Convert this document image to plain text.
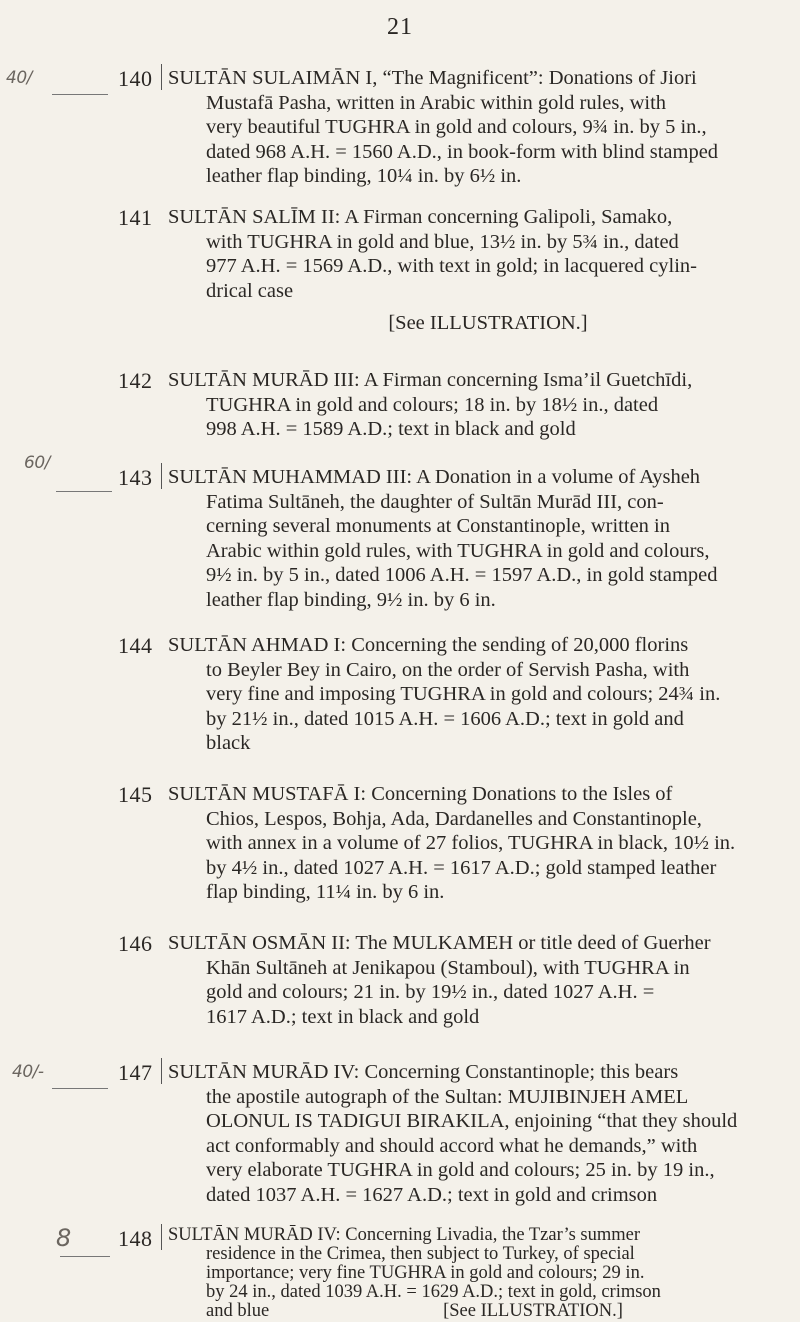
21
40/	140 SULTĀN SULAIMĀN I, “The Magnificent”: Donations of Jiori
Mustafā Pasha, written in Arabic within gold rules, with
very beautiful TUGHRA in gold and colours, 9¾ in. by 5 in.,
dated 968 A.H. = 1560 A.D., in book-form with blind stamped
leather flap binding, 10¼ in. by 6½ in.
141 SULTĀN SALĪM II: A Firman concerning Galipoli, Samako,
with TUGHRA in gold and blue, 13½ in. by 5¾ in., dated
977 A.H. = 1569 A.D., with text in gold; in lacquered cylin-
drical case
[See ILLUSTRATION.]
142 SULTĀN MURĀD III: A Firman concerning Isma’il Guetchīdi,
TUGHRA in gold and colours; 18 in. by 18½ in., dated
998 A.H. = 1589 A.D.; text in black and gold
60/
143 SULTĀN MUHAMMAD III: A Donation in a volume of Aysheh
Fatima Sultāneh, the daughter of Sultān Murād III, con-
cerning several monuments at Constantinople, written in
Arabic within gold rules, with TUGHRA in gold and colours,
9½ in. by 5 in., dated 1006 A.H. = 1597 A.D., in gold stamped
leather flap binding, 9½ in. by 6 in.
144 SULTĀN AHMAD I: Concerning the sending of 20,000 florins
to Beyler Bey in Cairo, on the order of Servish Pasha, with
very fine and imposing TUGHRA in gold and colours; 24¾ in.
by 21½ in., dated 1015 A.H. = 1606 A.D.; text in gold and
black
145 SULTĀN MUSTAFĀ I: Concerning Donations to the Isles of
Chios, Lespos, Bohja, Ada, Dardanelles and Constantinople,
with annex in a volume of 27 folios, TUGHRA in black, 10½ in.
by 4½ in., dated 1027 A.H. = 1617 A.D.; gold stamped leather
flap binding, 11¼ in. by 6 in.
146 SULTĀN OSMĀN II: The MULKAMEH or title deed of Guerher
Khān Sultāneh at Jenikapou (Stamboul), with TUGHRA in
gold and colours; 21 in. by 19½ in., dated 1027 A.H. =
1617 A.D.; text in black and gold
40/-	147 SULTĀN MURĀD IV: Concerning Constantinople; this bears
the apostile autograph of the Sultan: MUJIBINJEH AMEL
OLONUL IS TADIGUI BIRAKILA, enjoining “that they should
act conformably and should accord what he demands,” with
very elaborate TUGHRA in gold and colours; 25 in. by 19 in.,
dated 1037 A.H. = 1627 A.D.; text in gold and crimson
8 148 SULTĀN MURĀD IV: Concerning Livadia, the Tzar’s summer
residence in the Crimea, then subject to Turkey, of special
importance; very fine TUGHRA in gold and colours; 29 in.
by 24 in., dated 1039 A.H. = 1629 A.D.; text in gold, crimson
and blue	[See ILLUSTRATION.]
